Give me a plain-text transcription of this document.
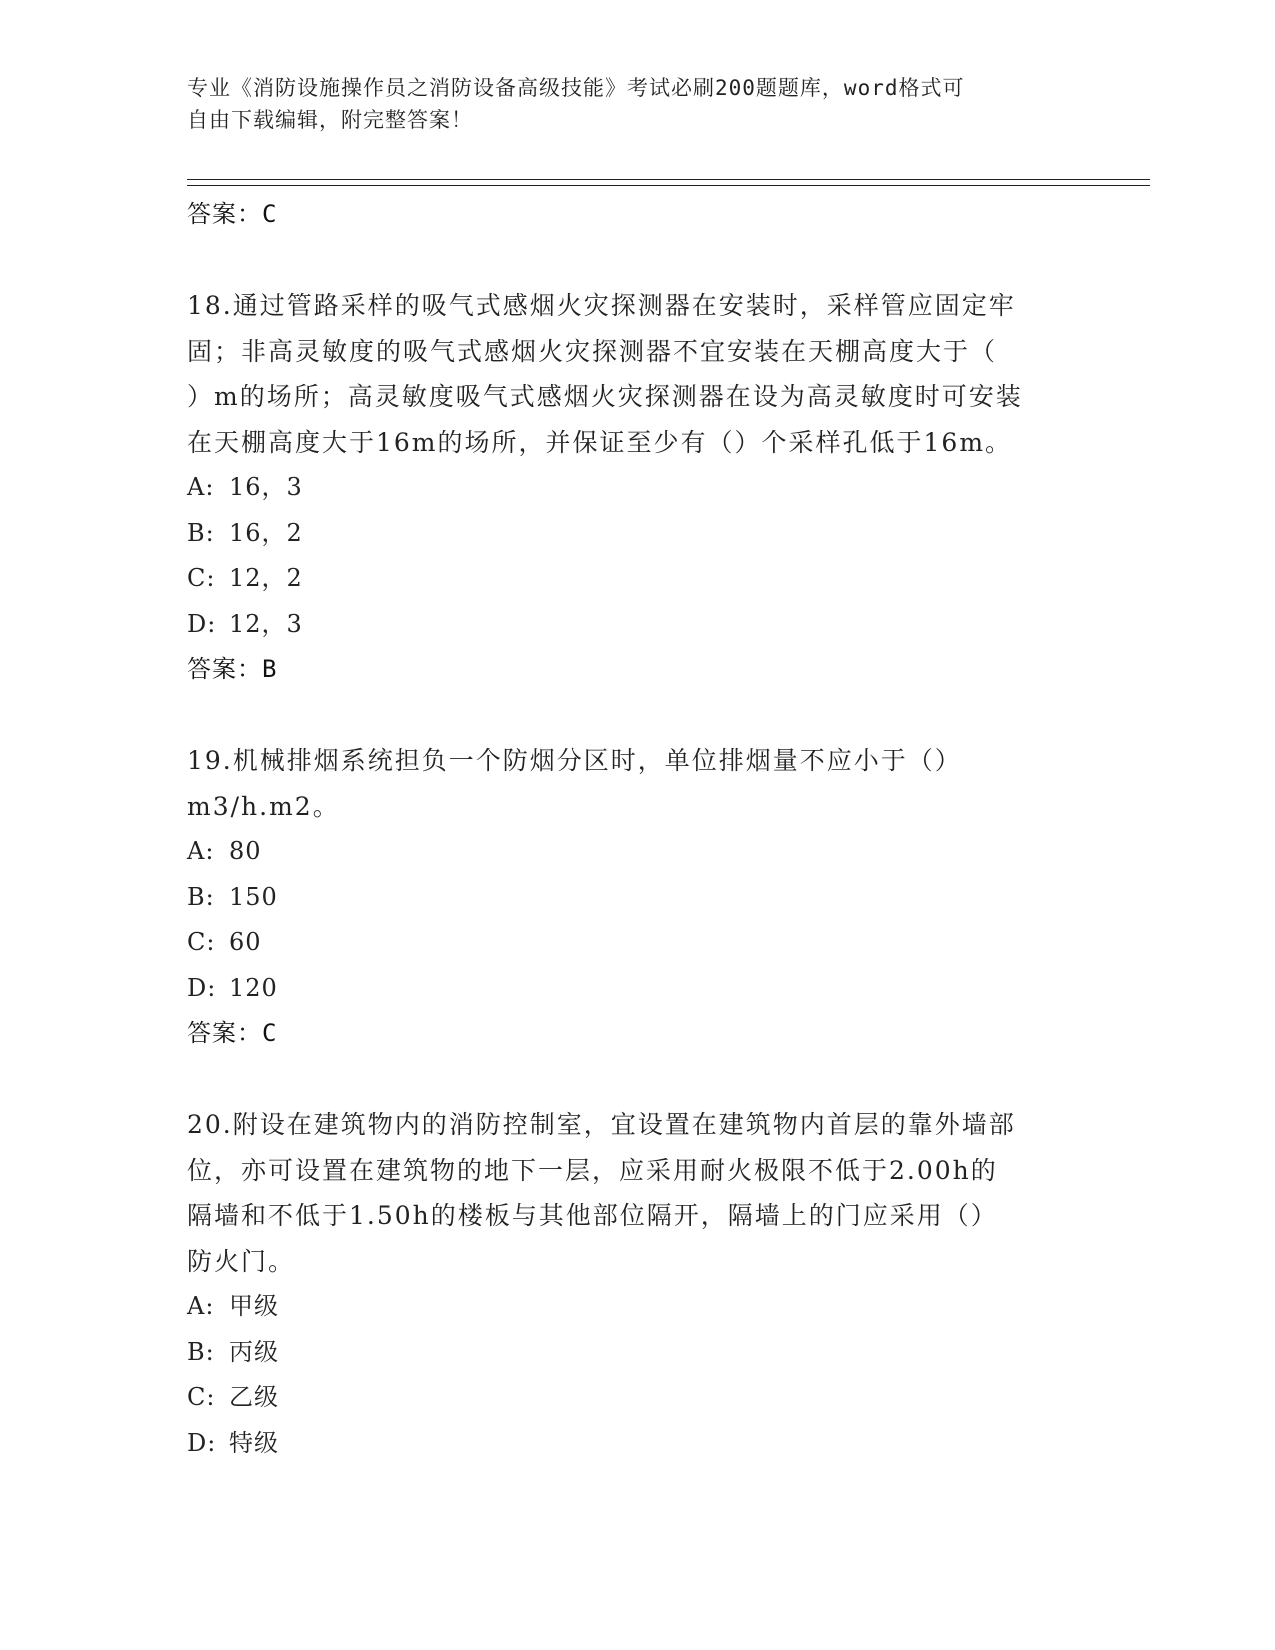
专业《消防设施操作员之消防设备高级技能》考试必刷200题题库，word格式可
自由下载编辑，附完整答案！
答案：C
18.通过管路采样的吸气式感烟火灾探测器在安装时，采样管应固定牢
固；非高灵敏度的吸气式感烟火灾探测器不宜安装在天棚高度大于（
）m的场所；高灵敏度吸气式感烟火灾探测器在设为高灵敏度时可安装
在天棚高度大于16m的场所，并保证至少有（）个采样孔低于16m。
A: 16，3
B: 16，2
C: 12，2
D: 12，3
答案：B
19.机械排烟系统担负一个防烟分区时，单位排烟量不应小于（）
m3/h.m2。
A: 80
B: 150
C: 60
D: 120
答案：C
20.附设在建筑物内的消防控制室，宜设置在建筑物内首层的靠外墙部
位，亦可设置在建筑物的地下一层，应采用耐火极限不低于2.00h的
隔墙和不低于1.50h的楼板与其他部位隔开，隔墙上的门应采用（）
防火门。
A: 甲级
B: 丙级
C: 乙级
D: 特级
